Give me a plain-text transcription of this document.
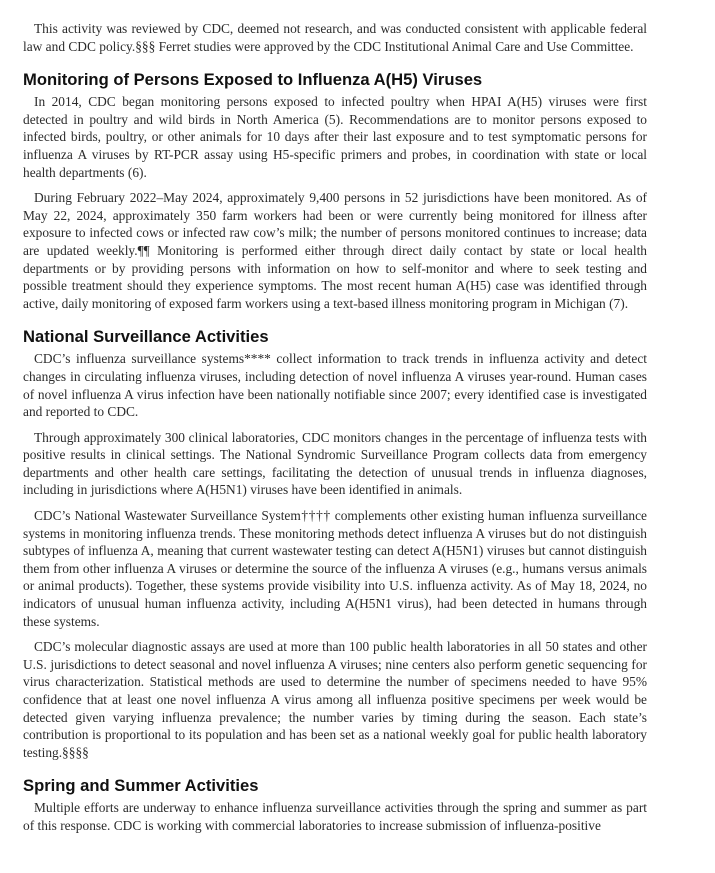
This activity was reviewed by CDC, deemed not research, and was conducted consistent with applicable federal law and CDC policy.§§§ Ferret studies were approved by the CDC Institutional Animal Care and Use Committee.

Monitoring of Persons Exposed to Influenza A(H5) Viruses

In 2014, CDC began monitoring persons exposed to infected poultry when HPAI A(H5) viruses were first detected in poultry and wild birds in North America (5). Recommendations are to monitor persons exposed to infected birds, poultry, or other animals for 10 days after their last exposure and to test symptomatic persons for influenza A viruses by RT-PCR assay using H5-specific primers and probes, in coordination with state or local health departments (6).

During February 2022–May 2024, approximately 9,400 persons in 52 jurisdictions have been monitored. As of May 22, 2024, approximately 350 farm workers had been or were currently being monitored for illness after exposure to infected cows or infected raw cow’s milk; the number of persons monitored continues to increase; data are updated weekly.¶¶ Monitoring is performed either through direct daily contact by state or local health departments or by providing persons with information on how to self-monitor and where to seek testing and possible treatment should they experience symptoms. The most recent human A(H5) case was identified through active, daily monitoring of exposed farm workers using a text-based illness monitoring program in Michigan (7).

National Surveillance Activities

CDC’s influenza surveillance systems**** collect information to track trends in influenza activity and detect changes in circulating influenza viruses, including detection of novel influenza A viruses year-round. Human cases of novel influenza A virus infection have been nationally notifiable since 2007; every identified case is investigated and reported to CDC.

Through approximately 300 clinical laboratories, CDC monitors changes in the percentage of influenza tests with positive results in clinical settings. The National Syndromic Surveillance Program collects data from emergency departments and other health care settings, facilitating the detection of unusual trends in influenza diagnoses, including in jurisdictions where A(H5N1) viruses have been identified in animals.

CDC’s National Wastewater Surveillance System†††† complements other existing human influenza surveillance systems in monitoring influenza trends. These monitoring methods detect influenza A viruses but do not distinguish subtypes of influenza A, meaning that current wastewater testing can detect A(H5N1) viruses but cannot distinguish them from other influenza A viruses or determine the source of the influenza A viruses (e.g., humans versus animals or animal products). Together, these systems provide visibility into U.S. influenza activity. As of May 18, 2024, no indicators of unusual human influenza activity, including A(H5N1 virus), had been detected in humans through these systems.

CDC’s molecular diagnostic assays are used at more than 100 public health laboratories in all 50 states and other U.S. jurisdictions to detect seasonal and novel influenza A viruses; nine centers also perform genetic sequencing for virus characterization. Statistical methods are used to determine the number of specimens needed to have 95% confidence that at least one novel influenza A virus among all influenza positive specimens per week would be detected given varying influenza prevalence; the number varies by timing during the season. Each state’s contribution is proportional to its population and has been set as a national weekly goal for public health laboratory testing.§§§§

Spring and Summer Activities

Multiple efforts are underway to enhance influenza surveillance activities through the spring and summer as part of this response. CDC is working with commercial laboratories to increase submission of influenza-positive
